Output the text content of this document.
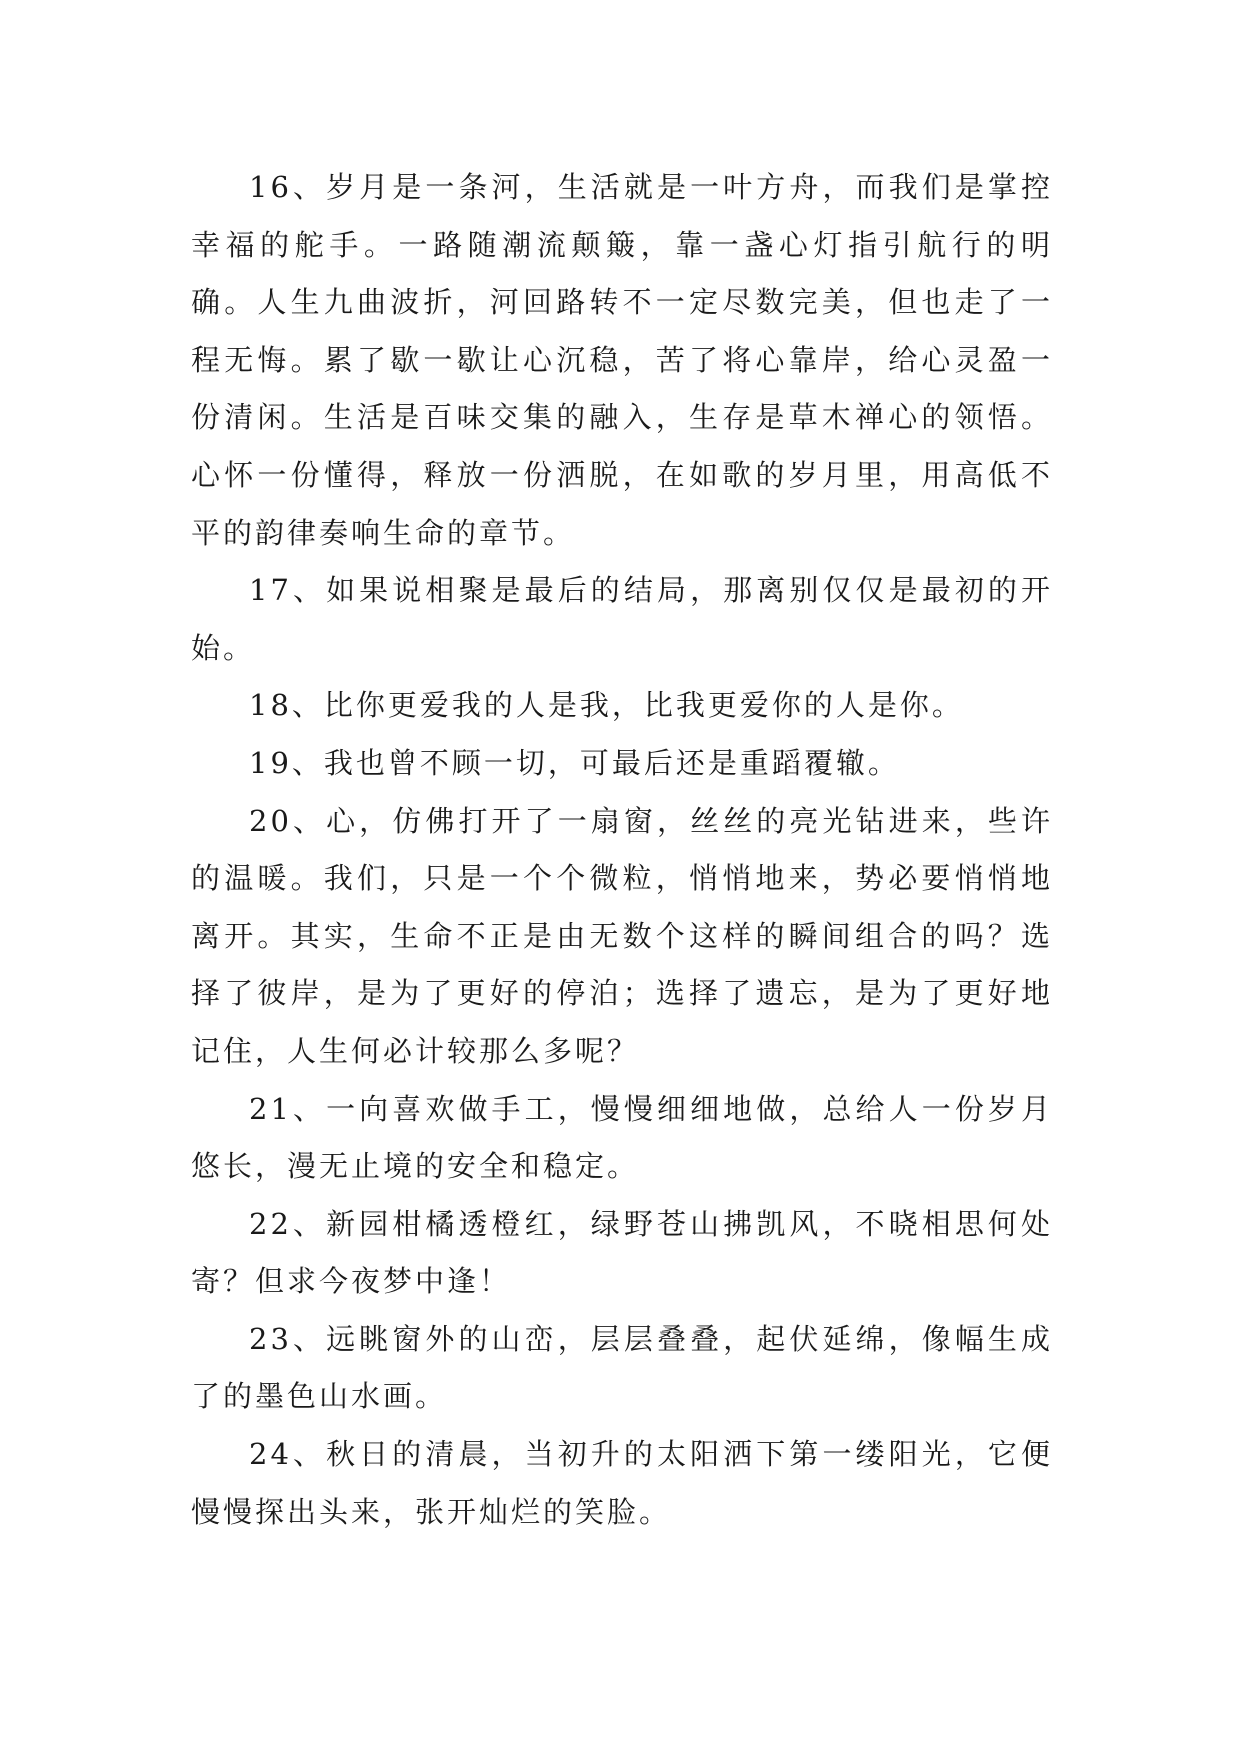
16、岁月是一条河，生活就是一叶方舟，而我们是掌控幸福的舵手。一路随潮流颠簸，靠一盏心灯指引航行的明确。人生九曲波折，河回路转不一定尽数完美，但也走了一程无悔。累了歇一歇让心沉稳，苦了将心靠岸，给心灵盈一份清闲。生活是百味交集的融入，生存是草木禅心的领悟。心怀一份懂得，释放一份洒脱，在如歌的岁月里，用高低不平的韵律奏响生命的章节。

17、如果说相聚是最后的结局，那离别仅仅是最初的开始。

18、比你更爱我的人是我，比我更爱你的人是你。

19、我也曾不顾一切，可最后还是重蹈覆辙。

20、心，仿佛打开了一扇窗，丝丝的亮光钻进来，些许的温暖。我们，只是一个个微粒，悄悄地来，势必要悄悄地离开。其实，生命不正是由无数个这样的瞬间组合的吗？选择了彼岸，是为了更好的停泊；选择了遗忘，是为了更好地记住，人生何必计较那么多呢？

21、一向喜欢做手工，慢慢细细地做，总给人一份岁月悠长，漫无止境的安全和稳定。

22、新园柑橘透橙红，绿野苍山拂凯风，不晓相思何处寄？但求今夜梦中逢！

23、远眺窗外的山峦，层层叠叠，起伏延绵，像幅生成了的墨色山水画。

24、秋日的清晨，当初升的太阳洒下第一缕阳光，它便慢慢探出头来，张开灿烂的笑脸。
